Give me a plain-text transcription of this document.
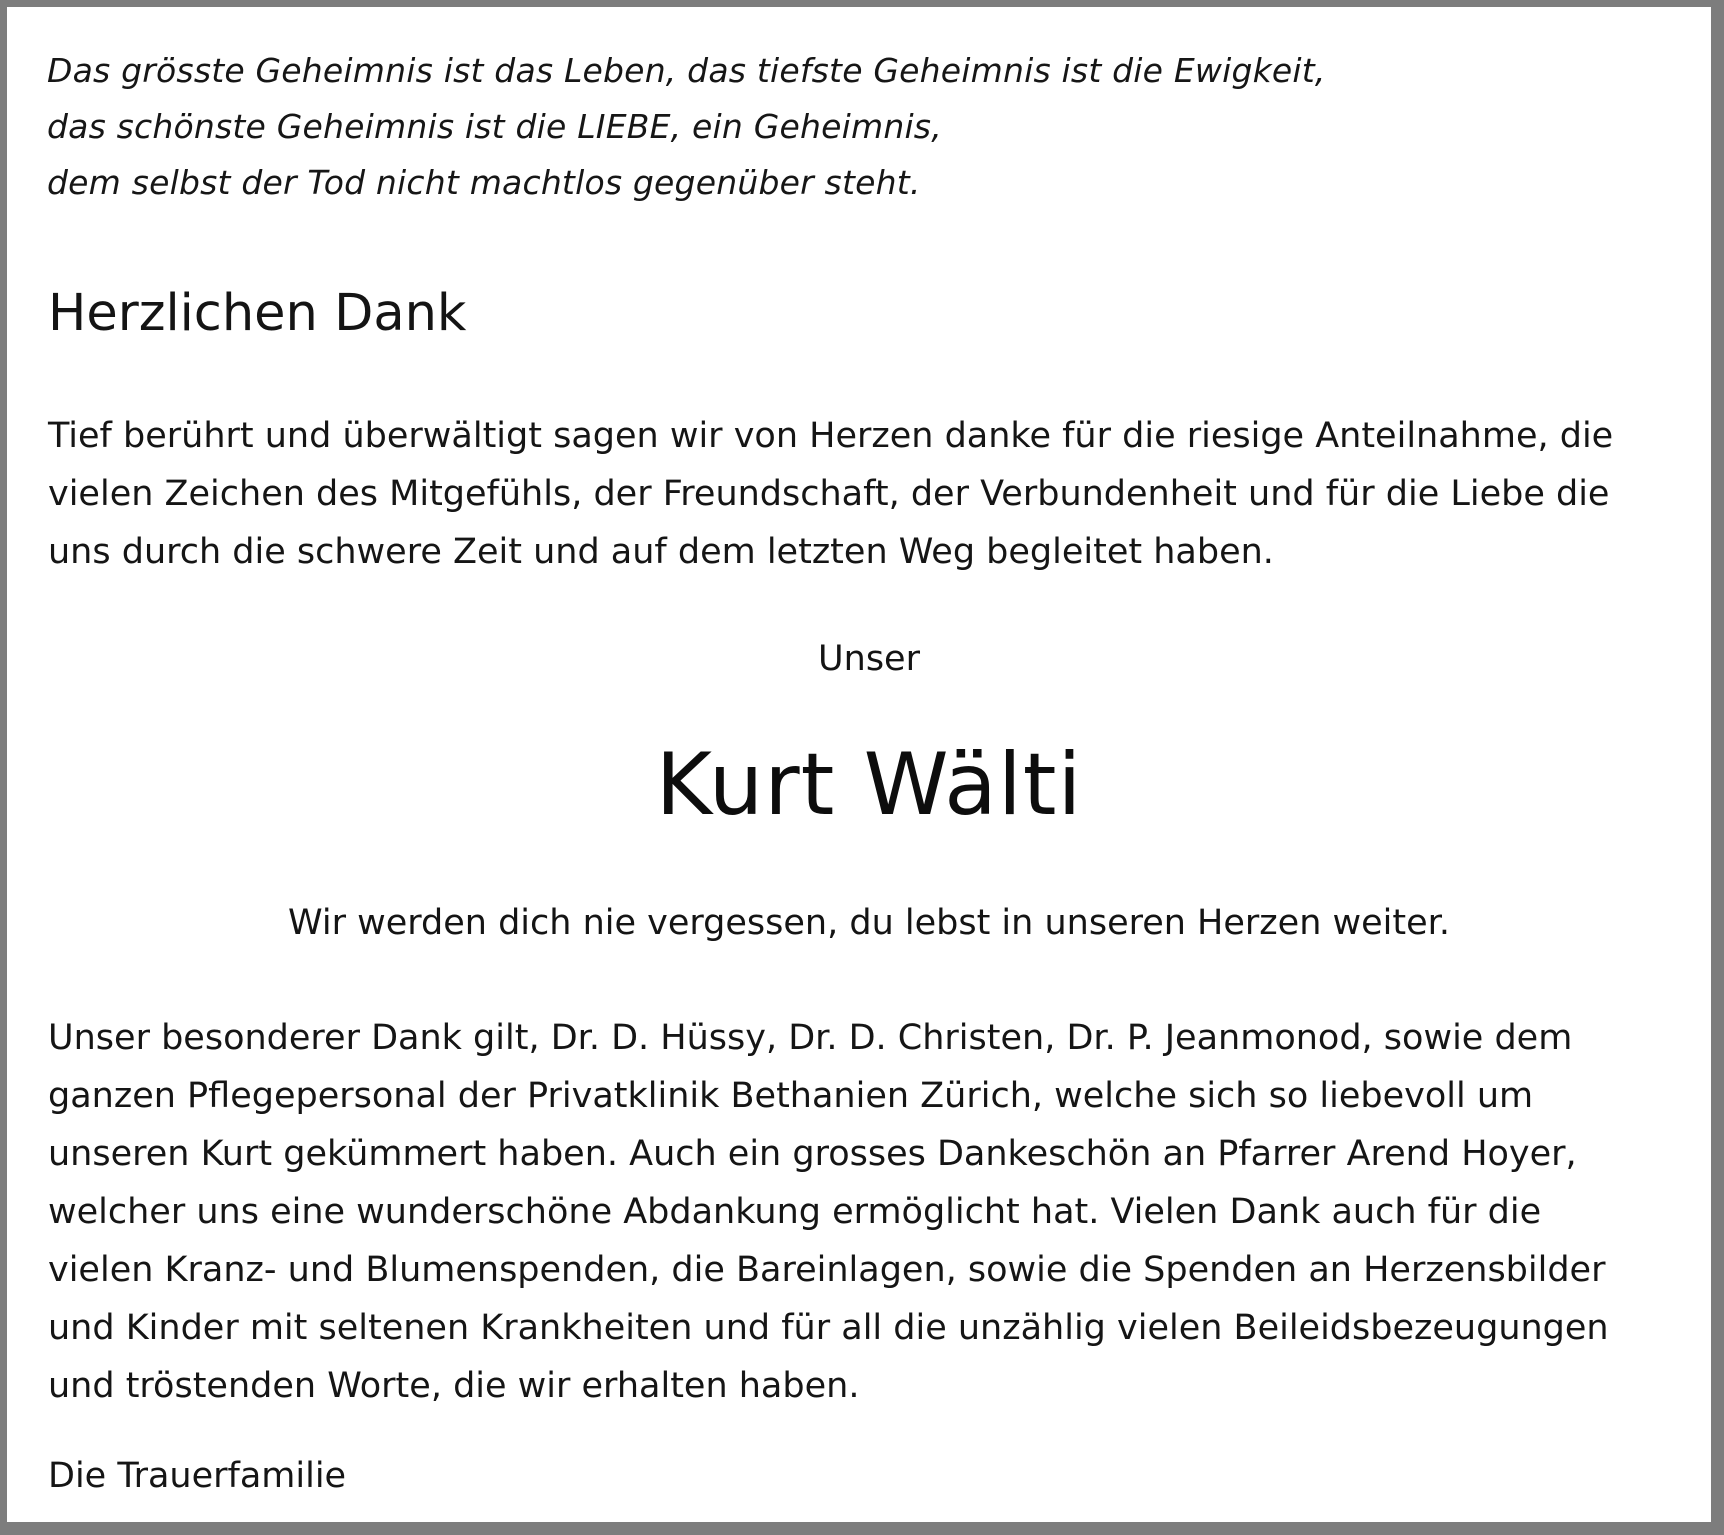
Das grösste Geheimnis ist das Leben, das tiefste Geheimnis ist die Ewigkeit,
das schönste Geheimnis ist die LIEBE, ein Geheimnis,
dem selbst der Tod nicht machtlos gegenüber steht.
Herzlichen Dank
Tief berührt und überwältigt sagen wir von Herzen danke für die riesige Anteilnahme, die
vielen Zeichen des Mitgefühls, der Freundschaft, der Verbundenheit und für die Liebe die
uns durch die schwere Zeit und auf dem letzten Weg begleitet haben.
Unser
Kurt Wälti
Wir werden dich nie vergessen, du lebst in unseren Herzen weiter.
Unser besonderer Dank gilt, Dr. D. Hüssy, Dr. D. Christen, Dr. P. Jeanmonod, sowie dem
ganzen Pflegepersonal der Privatklinik Bethanien Zürich, welche sich so liebevoll um
unseren Kurt gekümmert haben. Auch ein grosses Dankeschön an Pfarrer Arend Hoyer,
welcher uns eine wunderschöne Abdankung ermöglicht hat. Vielen Dank auch für die
vielen Kranz- und Blumenspenden, die Bareinlagen, sowie die Spenden an Herzensbilder
und Kinder mit seltenen Krankheiten und für all die unzählig vielen Beileidsbezeugungen
und tröstenden Worte, die wir erhalten haben.
Die Trauerfamilie
